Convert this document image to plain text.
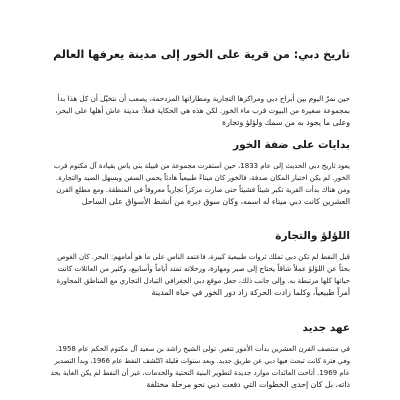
تاريخ دبي: من قرية على الخور إلى مدينة يعرفها العالم
حين نمرّ اليوم بين أبراج دبي ومراكزها التجارية ومطاراتها المزدحمة، يصعب أن نتخيّل أن كل هذا بدأ
بمجموعة صغيرة من البيوت قرب ماء الخور. لكن هذه هي الحكاية فعلاً: مدينة عاش أهلها على البحر،
وعلى ما يجود به من سمك ولؤلؤ وتجارة
بدايات على ضفة الخور
يعود تاريخ دبي الحديث إلى عام 1833، حين استقرت مجموعة من قبيلة بني ياس بقيادة آل مكتوم قرب
الخور. لم يكن اختيار المكان صدفة، فالخور كان ميناءً طبيعياً هادئاً يحمي السفن ويسهل الصيد والتجارة.
ومن هناك بدأت القرية تكبر شيئاً فشيئاً حتى صارت مركزاً تجارياً معروفاً في المنطقة. ومع مطلع القرن
العشرين كانت دبي ميناء له اسمه، وكان سوق ديرة من أنشط الأسواق على الساحل
اللؤلؤ والتجارة
قبل النفط لم تكن دبي تملك ثروات طبيعية كبيرة، فاعتمد الناس على ما هو أمامهم: البحر. كان الغوص
بحثاً عن اللؤلؤ عملاً شاقاً يحتاج إلى صبر ومهارة، ورحلاته تمتد أياماً وأسابيع، وكثير من العائلات كانت
حياتها كلها مرتبطة به. وإلى جانب ذلك، جعل موقع دبي الجغرافي التبادل التجاري مع المناطق المجاورة
أمراً طبيعياً، وكلما زادت الحركة زاد دور الخور في حياة المدينة
عهد جديد
في منتصف القرن العشرين بدأت الأمور تتغير. تولى الشيخ راشد بن سعيد آل مكتوم الحكم عام 1958،
وفي فترة كانت تبحث فيها دبي عن طريق جديد. وبعد سنوات قليلة اكتُشف النفط عام 1966، وبدأ التصدير
عام 1969. أتاحت العائدات موارد جديدة لتطوير البنية التحتية والخدمات، غير أن النفط لم يكن الغاية بحد
ذاته، بل كان إحدى الخطوات التي دفعت دبي نحو مرحلة مختلفة
